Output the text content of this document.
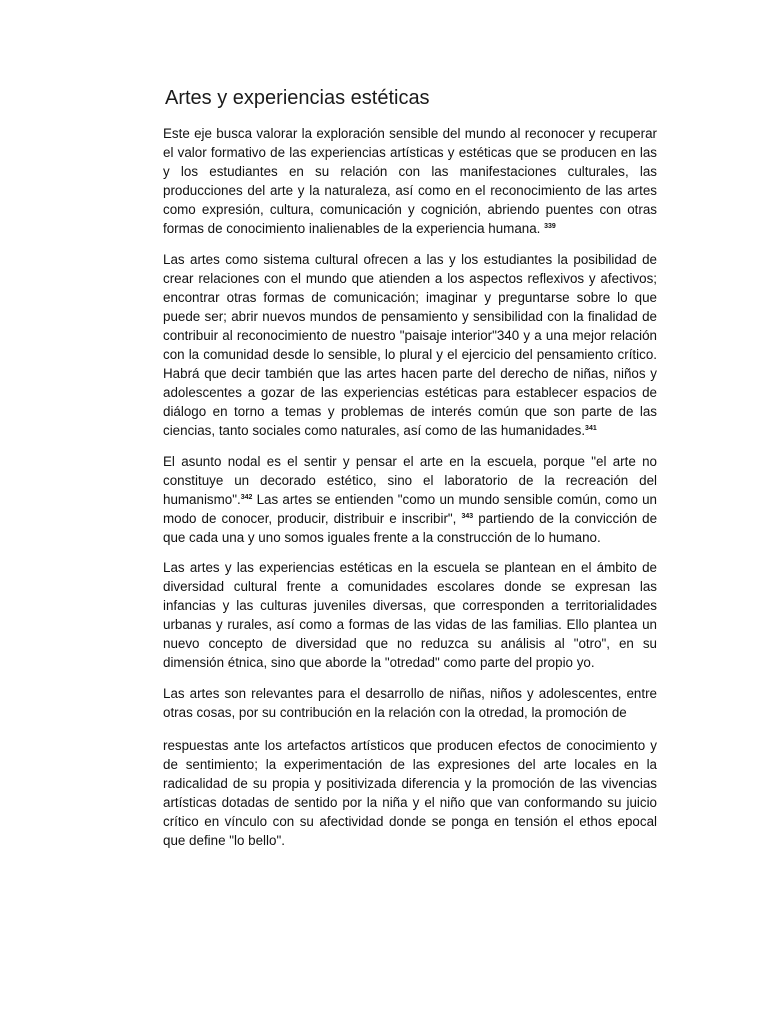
Artes y experiencias estéticas

Este eje busca valorar la exploración sensible del mundo al reconocer y recuperar el valor formativo de las experiencias artísticas y estéticas que se producen en las y los estudiantes en su relación con las manifestaciones culturales, las producciones del arte y la naturaleza, así como en el reconocimiento de las artes como expresión, cultura, comunicación y cognición, abriendo puentes con otras formas de conocimiento inalienables de la experiencia humana. $^{339}$

Las artes como sistema cultural ofrecen a las y los estudiantes la posibilidad de crear relaciones con el mundo que atienden a los aspectos reflexivos y afectivos; encontrar otras formas de comunicación; imaginar y preguntarse sobre lo que puede ser; abrir nuevos mundos de pensamiento y sensibilidad con la finalidad de contribuir al reconocimiento de nuestro "paisaje interior"340 y a una mejor relación con la comunidad desde lo sensible, lo plural y el ejercicio del pensamiento crítico. Habrá que decir también que las artes hacen parte del derecho de niñas, niños y adolescentes a gozar de las experiencias estéticas para establecer espacios de diálogo en torno a temas y problemas de interés común que son parte de las ciencias, tanto sociales como naturales, así como de las humanidades.$^{341}$

El asunto nodal es el sentir y pensar el arte en la escuela, porque "el arte no constituye un decorado estético, sino el laboratorio de la recreación del humanismo".$^{342}$ Las artes se entienden "como un mundo sensible común, como un modo de conocer, producir, distribuir e inscribir", $^{343}$ partiendo de la convicción de que cada una y uno somos iguales frente a la construcción de lo humano.

Las artes y las experiencias estéticas en la escuela se plantean en el ámbito de diversidad cultural frente a comunidades escolares donde se expresan las infancias y las culturas juveniles diversas, que corresponden a territorialidades urbanas y rurales, así como a formas de las vidas de las familias. Ello plantea un nuevo concepto de diversidad que no reduzca su análisis al "otro", en su dimensión étnica, sino que aborde la "otredad" como parte del propio yo.

Las artes son relevantes para el desarrollo de niñas, niños y adolescentes, entre otras cosas, por su contribución en la relación con la otredad, la promoción de

respuestas ante los artefactos artísticos que producen efectos de conocimiento y de sentimiento; la experimentación de las expresiones del arte locales en la radicalidad de su propia y positivizada diferencia y la promoción de las vivencias artísticas dotadas de sentido por la niña y el niño que van conformando su juicio crítico en vínculo con su afectividad donde se ponga en tensión el ethos epocal que define "lo bello".
